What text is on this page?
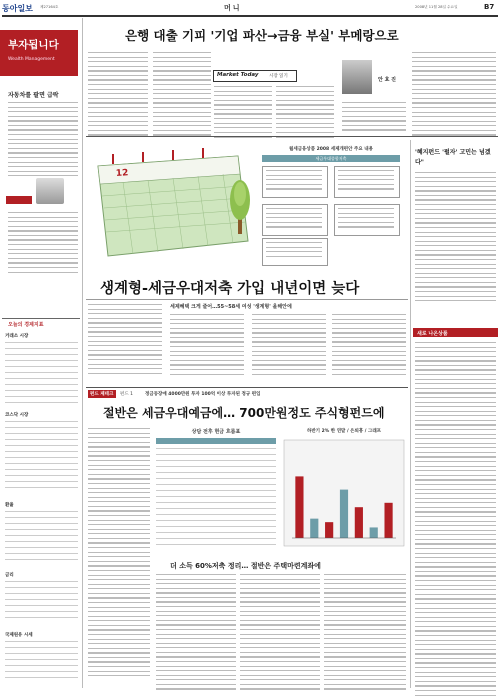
동아일보 제27164호	머니	2008년 11월 28일 수요일	B7
부자됩니다
Wealth Management
자동차를 팔면 급락
오늘의 경제지표
거래소 시장
코스닥 시장
환율
금리
국제원유 시세
은행 대출 기피 '기업 파산→금융 부실' 부메랑으로
Market Today 시장 읽기
안 효 진
12
월세금융상품 2008 세제개편안 주요 내용
세금우대종합저축
생계형-세금우대저축 가입 내년이면 늦다
세제혜택 크게 줄어…55~58세 여성 '생계형' 올해안에
'혜지펀드 '펄자' 고민는 넘겠다"
새로 나온상품
펀드 제테크 펀드 1	정금동장애 4000만원 투자 100억 이상 투자된 정규 편입
절반은 세금우대예금에… 700만원정도 주식형펀드에
상담 전후 현금 흐름표	하반기 2% 한 연말 / 은퇴흥 / 그래프
더 소득 60%저축 정리… 절반은 주택마련계좌에
